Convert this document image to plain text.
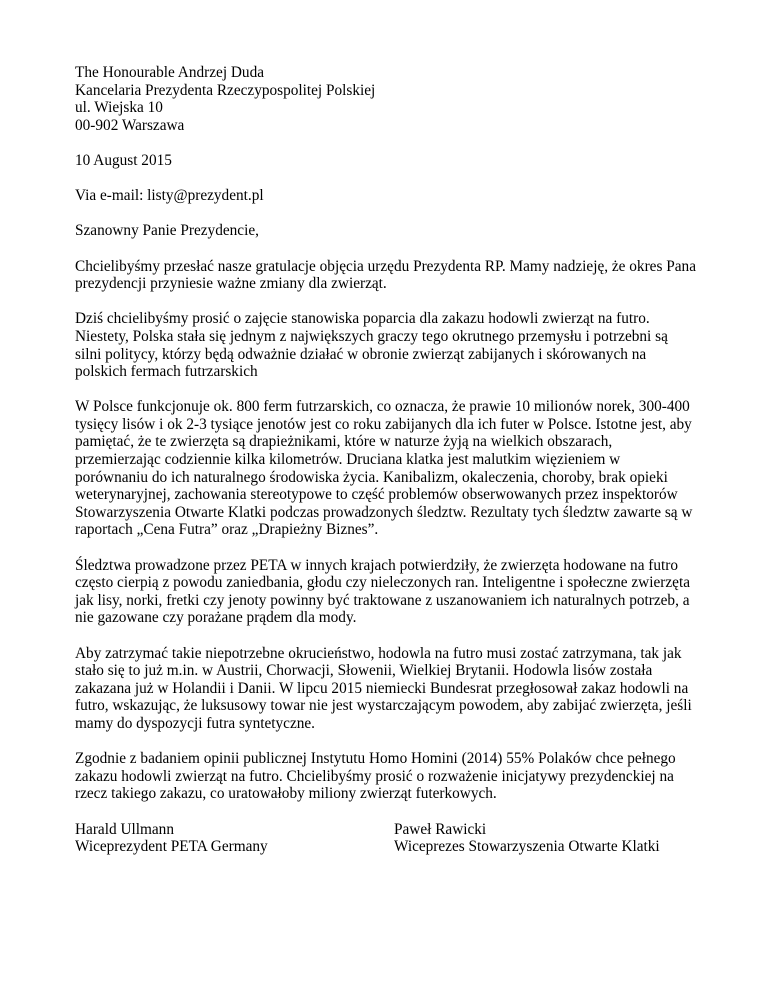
The Honourable Andrzej Duda
Kancelaria Prezydenta Rzeczypospolitej Polskiej
ul. Wiejska 10
00-902 Warszawa

10 August 2015

Via e-mail: listy@prezydent.pl

Szanowny Panie Prezydencie,

Chcielibyśmy przesłać nasze gratulacje objęcia urzędu Prezydenta RP. Mamy nadzieję, że okres Pana prezydencji przyniesie ważne zmiany dla zwierząt.

Dziś chcielibyśmy prosić o zajęcie stanowiska poparcia dla zakazu hodowli zwierząt na futro. Niestety, Polska stała się jednym z największych graczy tego okrutnego przemysłu i potrzebni są silni politycy, którzy będą odważnie działać w obronie zwierząt zabijanych i skórowanych na polskich fermach futrzarskich

W Polsce funkcjonuje ok. 800 ferm futrzarskich, co oznacza, że prawie 10 milionów norek, 300-400 tysięcy lisów i ok 2-3 tysiące jenotów jest co roku zabijanych dla ich futer w Polsce. Istotne jest, aby pamiętać, że te zwierzęta są drapieżnikami, które w naturze żyją na wielkich obszarach, przemierzając codziennie kilka kilometrów. Druciana klatka jest malutkim więzieniem w porównaniu do ich naturalnego środowiska życia. Kanibalizm, okaleczenia, choroby, brak opieki weterynaryjnej, zachowania stereotypowe to część problemów obserwowanych przez inspektorów Stowarzyszenia Otwarte Klatki podczas prowadzonych śledztw. Rezultaty tych śledztw zawarte są w raportach „Cena Futra” oraz „Drapieżny Biznes”.

Śledztwa prowadzone przez PETA w innych krajach potwierdziły, że zwierzęta hodowane na futro często cierpią z powodu zaniedbania, głodu czy nieleczonych ran. Inteligentne i społeczne zwierzęta jak lisy, norki, fretki czy jenoty powinny być traktowane z uszanowaniem ich naturalnych potrzeb, a nie gazowane czy porażane prądem dla mody.

Aby zatrzymać takie niepotrzebne okrucieństwo, hodowla na futro musi zostać zatrzymana, tak jak stało się to już m.in. w Austrii, Chorwacji, Słowenii, Wielkiej Brytanii. Hodowla lisów została zakazana już w Holandii i Danii. W lipcu 2015 niemiecki Bundesrat przegłosował zakaz hodowli na futro, wskazując, że luksusowy towar nie jest wystarczającym powodem, aby zabijać zwierzęta, jeśli mamy do dyspozycji futra syntetyczne.

Zgodnie z badaniem opinii publicznej Instytutu Homo Homini (2014) 55% Polaków chce pełnego zakazu hodowli zwierząt na futro. Chcielibyśmy prosić o rozważenie inicjatywy prezydenckiej na rzecz takiego zakazu, co uratowałoby miliony zwierząt futerkowych.

Harald Ullmann
Wiceprezydent PETA Germany
Paweł Rawicki
Wiceprezes Stowarzyszenia Otwarte Klatki
